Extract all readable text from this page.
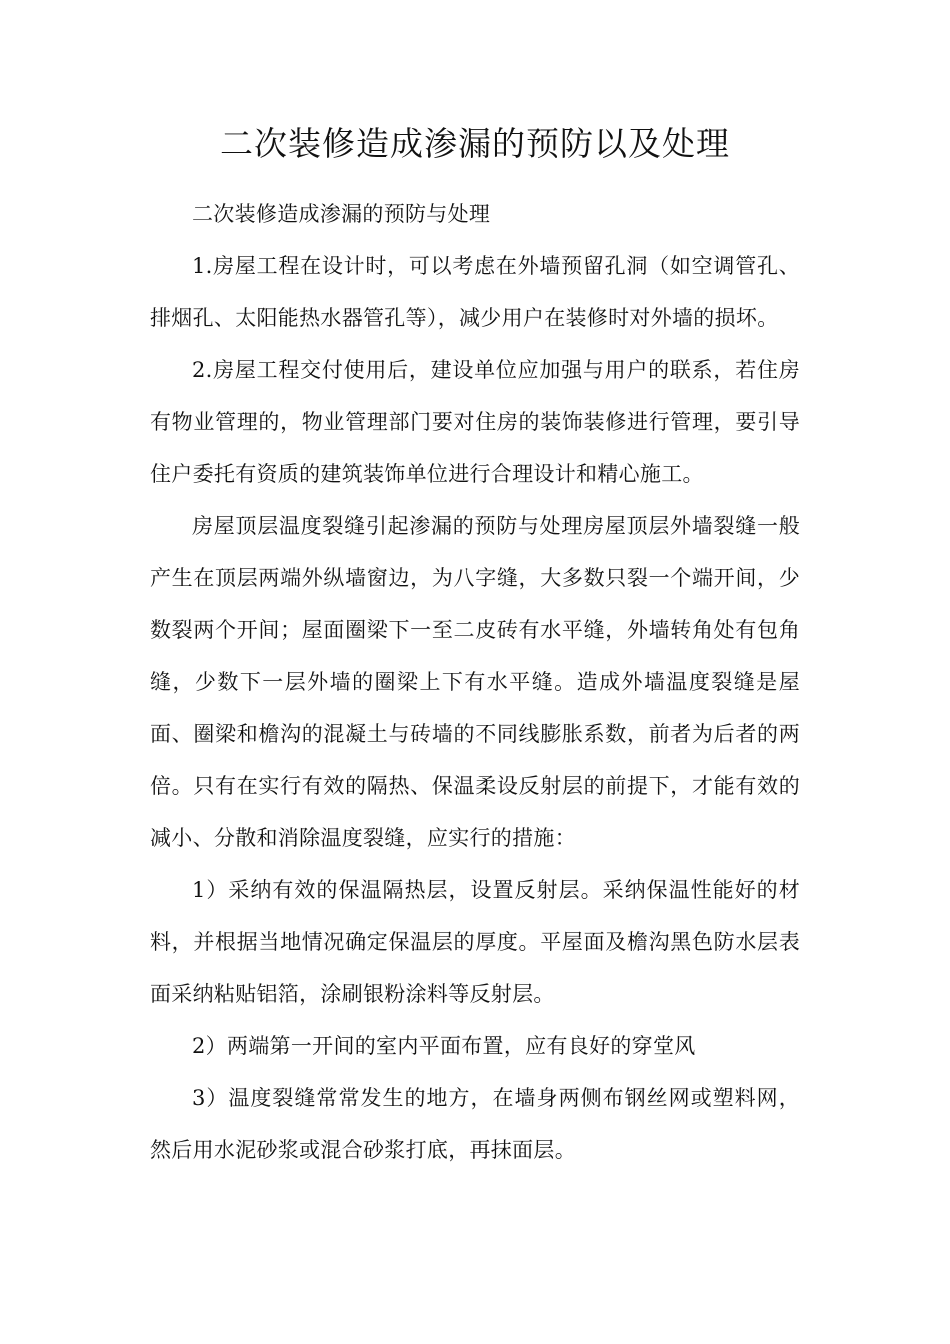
二次装修造成渗漏的预防以及处理

二次装修造成渗漏的预防与处理

1.房屋工程在设计时，可以考虑在外墙预留孔洞（如空调管孔、排烟孔、太阳能热水器管孔等），减少用户在装修时对外墙的损坏。

2.房屋工程交付使用后，建设单位应加强与用户的联系，若住房有物业管理的，物业管理部门要对住房的装饰装修进行管理，要引导住户委托有资质的建筑装饰单位进行合理设计和精心施工。

房屋顶层温度裂缝引起渗漏的预防与处理房屋顶层外墙裂缝一般产生在顶层两端外纵墙窗边，为八字缝，大多数只裂一个端开间，少数裂两个开间；屋面圈梁下一至二皮砖有水平缝，外墙转角处有包角缝，少数下一层外墙的圈梁上下有水平缝。造成外墙温度裂缝是屋面、圈梁和檐沟的混凝土与砖墙的不同线膨胀系数，前者为后者的两倍。只有在实行有效的隔热、保温柔设反射层的前提下，才能有效的减小、分散和消除温度裂缝，应实行的措施：

1）采纳有效的保温隔热层，设置反射层。采纳保温性能好的材料，并根据当地情况确定保温层的厚度。平屋面及檐沟黑色防水层表面采纳粘贴铝箔，涂刷银粉涂料等反射层。

2）两端第一开间的室内平面布置，应有良好的穿堂风

3）温度裂缝常常发生的地方，在墙身两侧布钢丝网或塑料网，然后用水泥砂浆或混合砂浆打底，再抹面层。
